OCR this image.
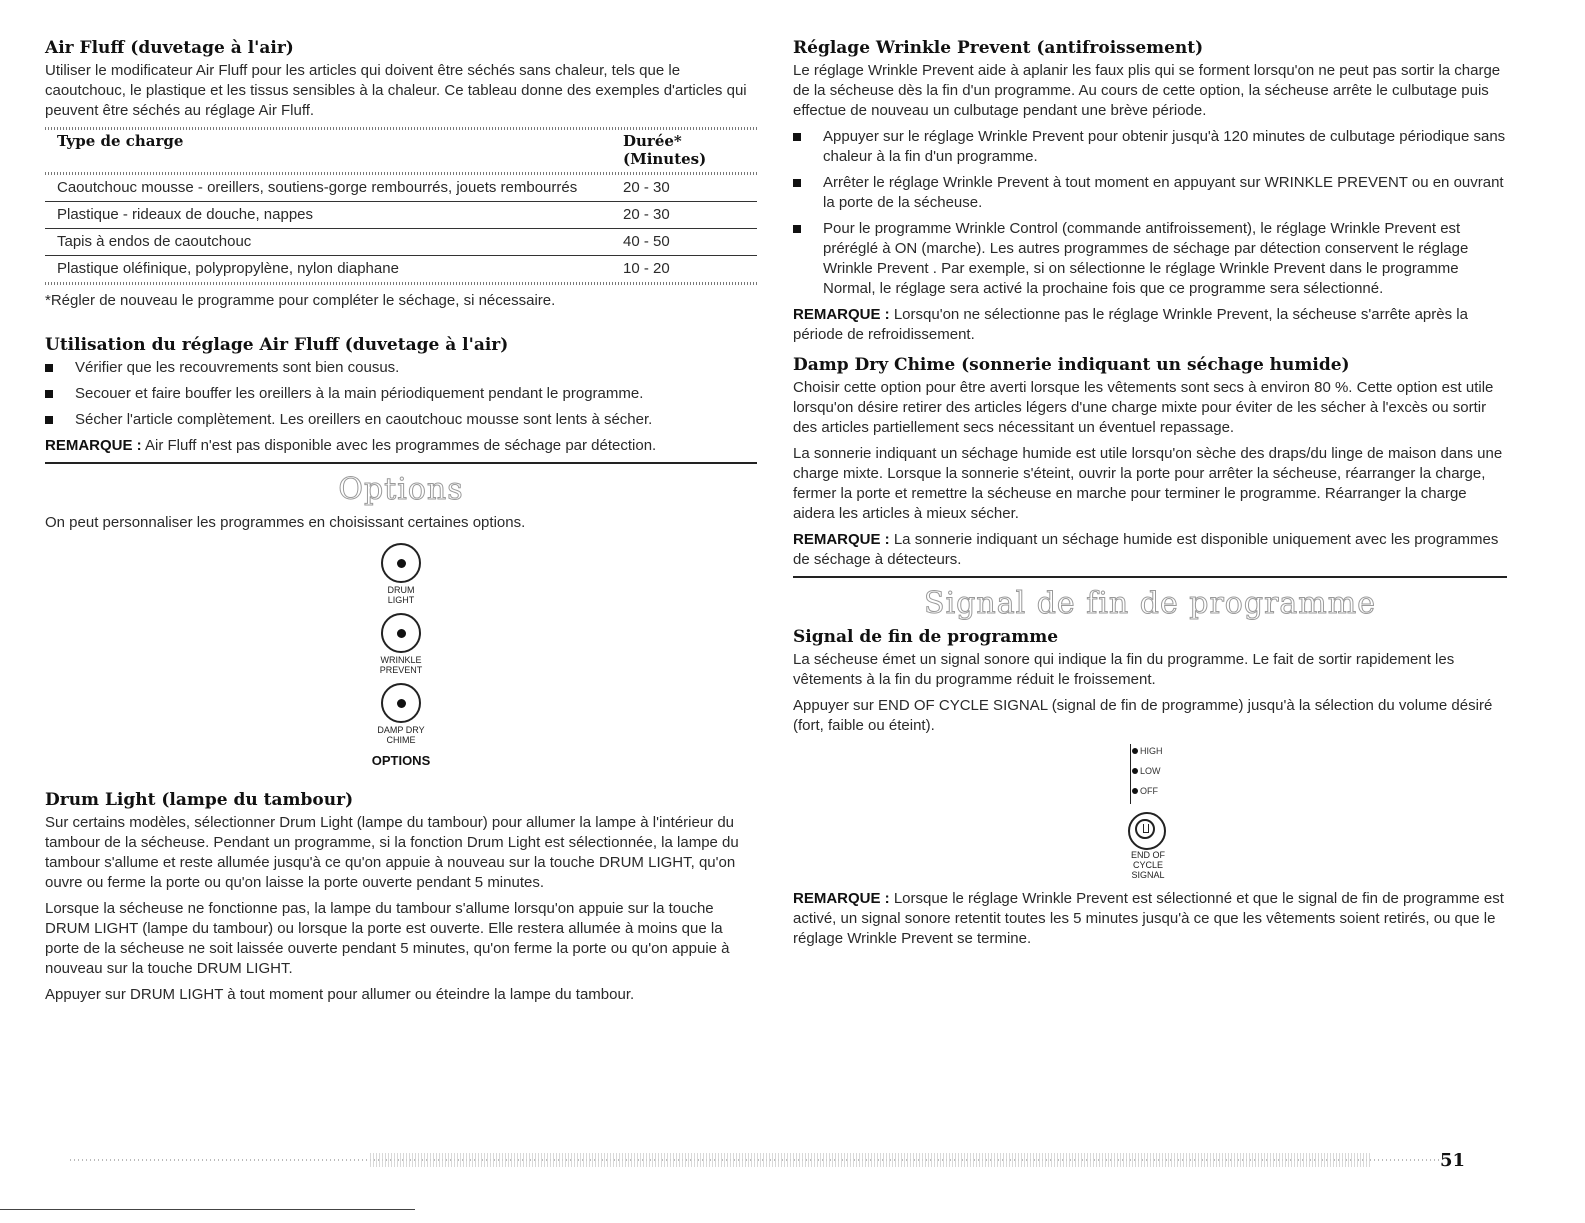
Air Fluff (duvetage à l'air)

Utiliser le modificateur Air Fluff pour les articles qui doivent être séchés sans chaleur, tels que le caoutchouc, le plastique et les tissus sensibles à la chaleur. Ce tableau donne des exemples d'articles qui peuvent être séchés au réglage Air Fluff.

Type de charge	Durée*
(Minutes)

Caoutchouc mousse - oreillers, soutiens-gorge rembourrés, jouets rembourrés	20 - 30
Plastique - rideaux de douche, nappes	20 - 30
Tapis à endos de caoutchouc	40 - 50
Plastique oléfinique, polypropylène, nylon diaphane	10 - 20

*Régler de nouveau le programme pour compléter le séchage, si nécessaire.

Utilisation du réglage Air Fluff (duvetage à l'air)
Vérifier que les recouvrements sont bien cousus.
Secouer et faire bouffer les oreillers à la main périodiquement pendant le programme.
Sécher l'article complètement. Les oreillers en caoutchouc mousse sont lents à sécher.

REMARQUE : Air Fluff n'est pas disponible avec les programmes de séchage par détection.

Options

On peut personnaliser les programmes en choisissant certaines options.

DRUM
LIGHT
WRINKLE
PREVENT
DAMP DRY
CHIME
OPTIONS
Drum Light (lampe du tambour)

Sur certains modèles, sélectionner Drum Light (lampe du tambour) pour allumer la lampe à l'intérieur du tambour de la sécheuse. Pendant un programme, si la fonction Drum Light est sélectionnée, la lampe du tambour s'allume et reste allumée jusqu'à ce qu'on appuie à nouveau sur la touche DRUM LIGHT, qu'on ouvre ou ferme la porte ou qu'on laisse la porte ouverte pendant 5 minutes.

Lorsque la sécheuse ne fonctionne pas, la lampe du tambour s'allume lorsqu'on appuie sur la touche DRUM LIGHT (lampe du tambour) ou lorsque la porte est ouverte. Elle restera allumée à moins que la porte de la sécheuse ne soit laissée ouverte pendant 5 minutes, qu'on ferme la porte ou qu'on appuie à nouveau sur la touche DRUM LIGHT.

Appuyer sur DRUM LIGHT à tout moment pour allumer ou éteindre la lampe du tambour.

Réglage Wrinkle Prevent (antifroissement)

Le réglage Wrinkle Prevent aide à aplanir les faux plis qui se forment lorsqu'on ne peut pas sortir la charge de la sécheuse dès la fin d'un programme. Au cours de cette option, la sécheuse arrête le culbutage puis effectue de nouveau un culbutage pendant une brève période.

Appuyer sur le réglage Wrinkle Prevent pour obtenir jusqu'à 120 minutes de culbutage périodique sans chaleur à la fin d'un programme.
Arrêter le réglage Wrinkle Prevent à tout moment en appuyant sur WRINKLE PREVENT ou en ouvrant la porte de la sécheuse.
Pour le programme Wrinkle Control (commande antifroissement), le réglage Wrinkle Prevent est préréglé à ON (marche). Les autres programmes de séchage par détection conservent le réglage Wrinkle Prevent . Par exemple, si on sélectionne le réglage Wrinkle Prevent dans le programme Normal, le réglage sera activé la prochaine fois que ce programme sera sélectionné.

REMARQUE : Lorsqu'on ne sélectionne pas le réglage Wrinkle Prevent, la sécheuse s'arrête après la période de refroidissement.

Damp Dry Chime (sonnerie indiquant un séchage humide)

Choisir cette option pour être averti lorsque les vêtements sont secs à environ 80 %. Cette option est utile lorsqu'on désire retirer des articles légers d'une charge mixte pour éviter de les sécher à l'excès ou sortir des articles partiellement secs nécessitant un éventuel repassage.

La sonnerie indiquant un séchage humide est utile lorsqu'on sèche des draps/du linge de maison dans une charge mixte. Lorsque la sonnerie s'éteint, ouvrir la porte pour arrêter la sécheuse, réarranger la charge, fermer la porte et remettre la sécheuse en marche pour terminer le programme. Réarranger la charge aidera les articles à mieux sécher.

REMARQUE : La sonnerie indiquant un séchage humide est disponible uniquement avec les programmes de séchage à détecteurs.

Signal de fin de programme
Signal de fin de programme

La sécheuse émet un signal sonore qui indique la fin du programme. Le fait de sortir rapidement les vêtements à la fin du programme réduit le froissement.

Appuyer sur END OF CYCLE SIGNAL (signal de fin de programme) jusqu'à la sélection du volume désiré (fort, faible ou éteint).

HIGH
LOW
OFF
END OF
CYCLE
SIGNAL

REMARQUE : Lorsque le réglage Wrinkle Prevent est sélectionné et que le signal de fin de programme est activé, un signal sonore retentit toutes les 5 minutes jusqu'à ce que les vêtements soient retirés, ou que le réglage Wrinkle Prevent se termine.

51
